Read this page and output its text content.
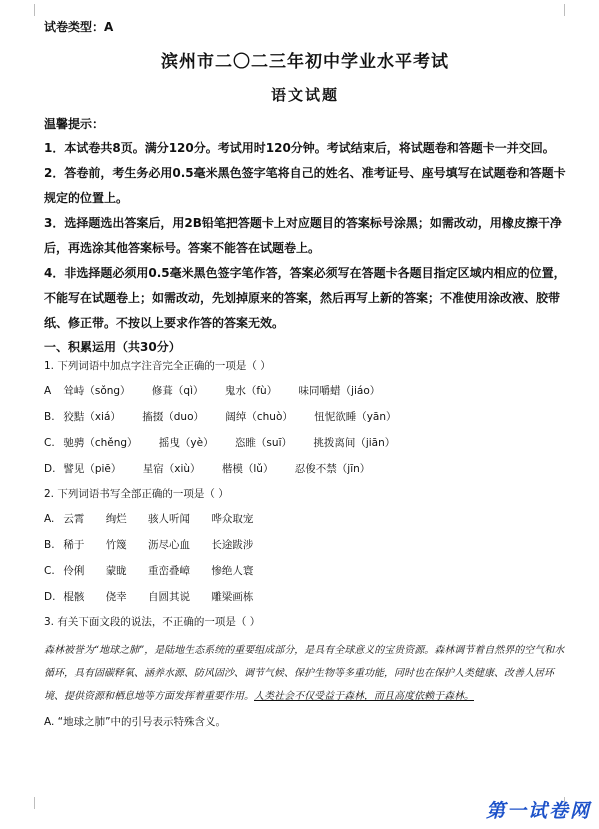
试卷类型：A
滨州市二〇二三年初中学业水平考试
语文试题
温馨提示：

1．本试卷共8页。满分120分。考试用时120分钟。考试结束后，将试题卷和答题卡一并交回。

2．答卷前，考生务必用0.5毫米黑色签字笔将自己的姓名、准考证号、座号填写在试题卷和答题卡规定的位置上。

3．选择题选出答案后，用2B铅笔把答题卡上对应题目的答案标号涂黑；如需改动，用橡皮擦干净后，再选涂其他答案标号。答案不能答在试题卷上。

4．非选择题必须用0.5毫米黑色签字笔作答，答案必须写在答题卡各题目指定区域内相应的位置，不能写在试题卷上；如需改动，先划掉原来的答案，然后再写上新的答案；不准使用涂改液、胶带纸、修正带。不按以上要求作答的答案无效。

一、积累运用（共30分）
1. 下列词语中加点字注音完全正确的一项是（ ）
A 耸峙（sǒng） 修葺（qì） 鬼水（fù） 味同嚼蜡（jiáo）
B. 狡黠（xiá） 搐掇（duo） 阔绰（chuò） 忸怩欲睡（yān）
C. 驰骋（chěng） 摇曳（yè） 恣睢（suī） 挑拨离间（jiān）
D. 譬见（piē） 星宿（xiù） 楷模（lǔ） 忍俊不禁（jīn）
2. 下列词语书写全部正确的一项是（ ）
A. 云霄 绚烂 骇人听闻 哗众取宠
B. 稀于 竹篾 沥尽心血 长途跋涉
C. 伶俐 蒙眬 重峦叠嶂 惨绝人寰
D. 棍骸 侥幸 自圆其说 雕梁画栋
3. 有关下面文段的说法，不正确的一项是（ ）

森林被誉为“地球之肺”，是陆地生态系统的重要组成部分，是具有全球意义的宝贵资源。森林调节着自然界的空气和水循环，具有固碳释氧、涵养水源、防风固沙、调节气候、保护生物等多重功能，同时也在保护人类健康、改善人居环境、提供资源和栖息地等方面发挥着重要作用。人类社会不仅受益于森林，而且高度依赖于森林。

A. “地球之肺”中的引号表示特殊含义。
第一试卷网
